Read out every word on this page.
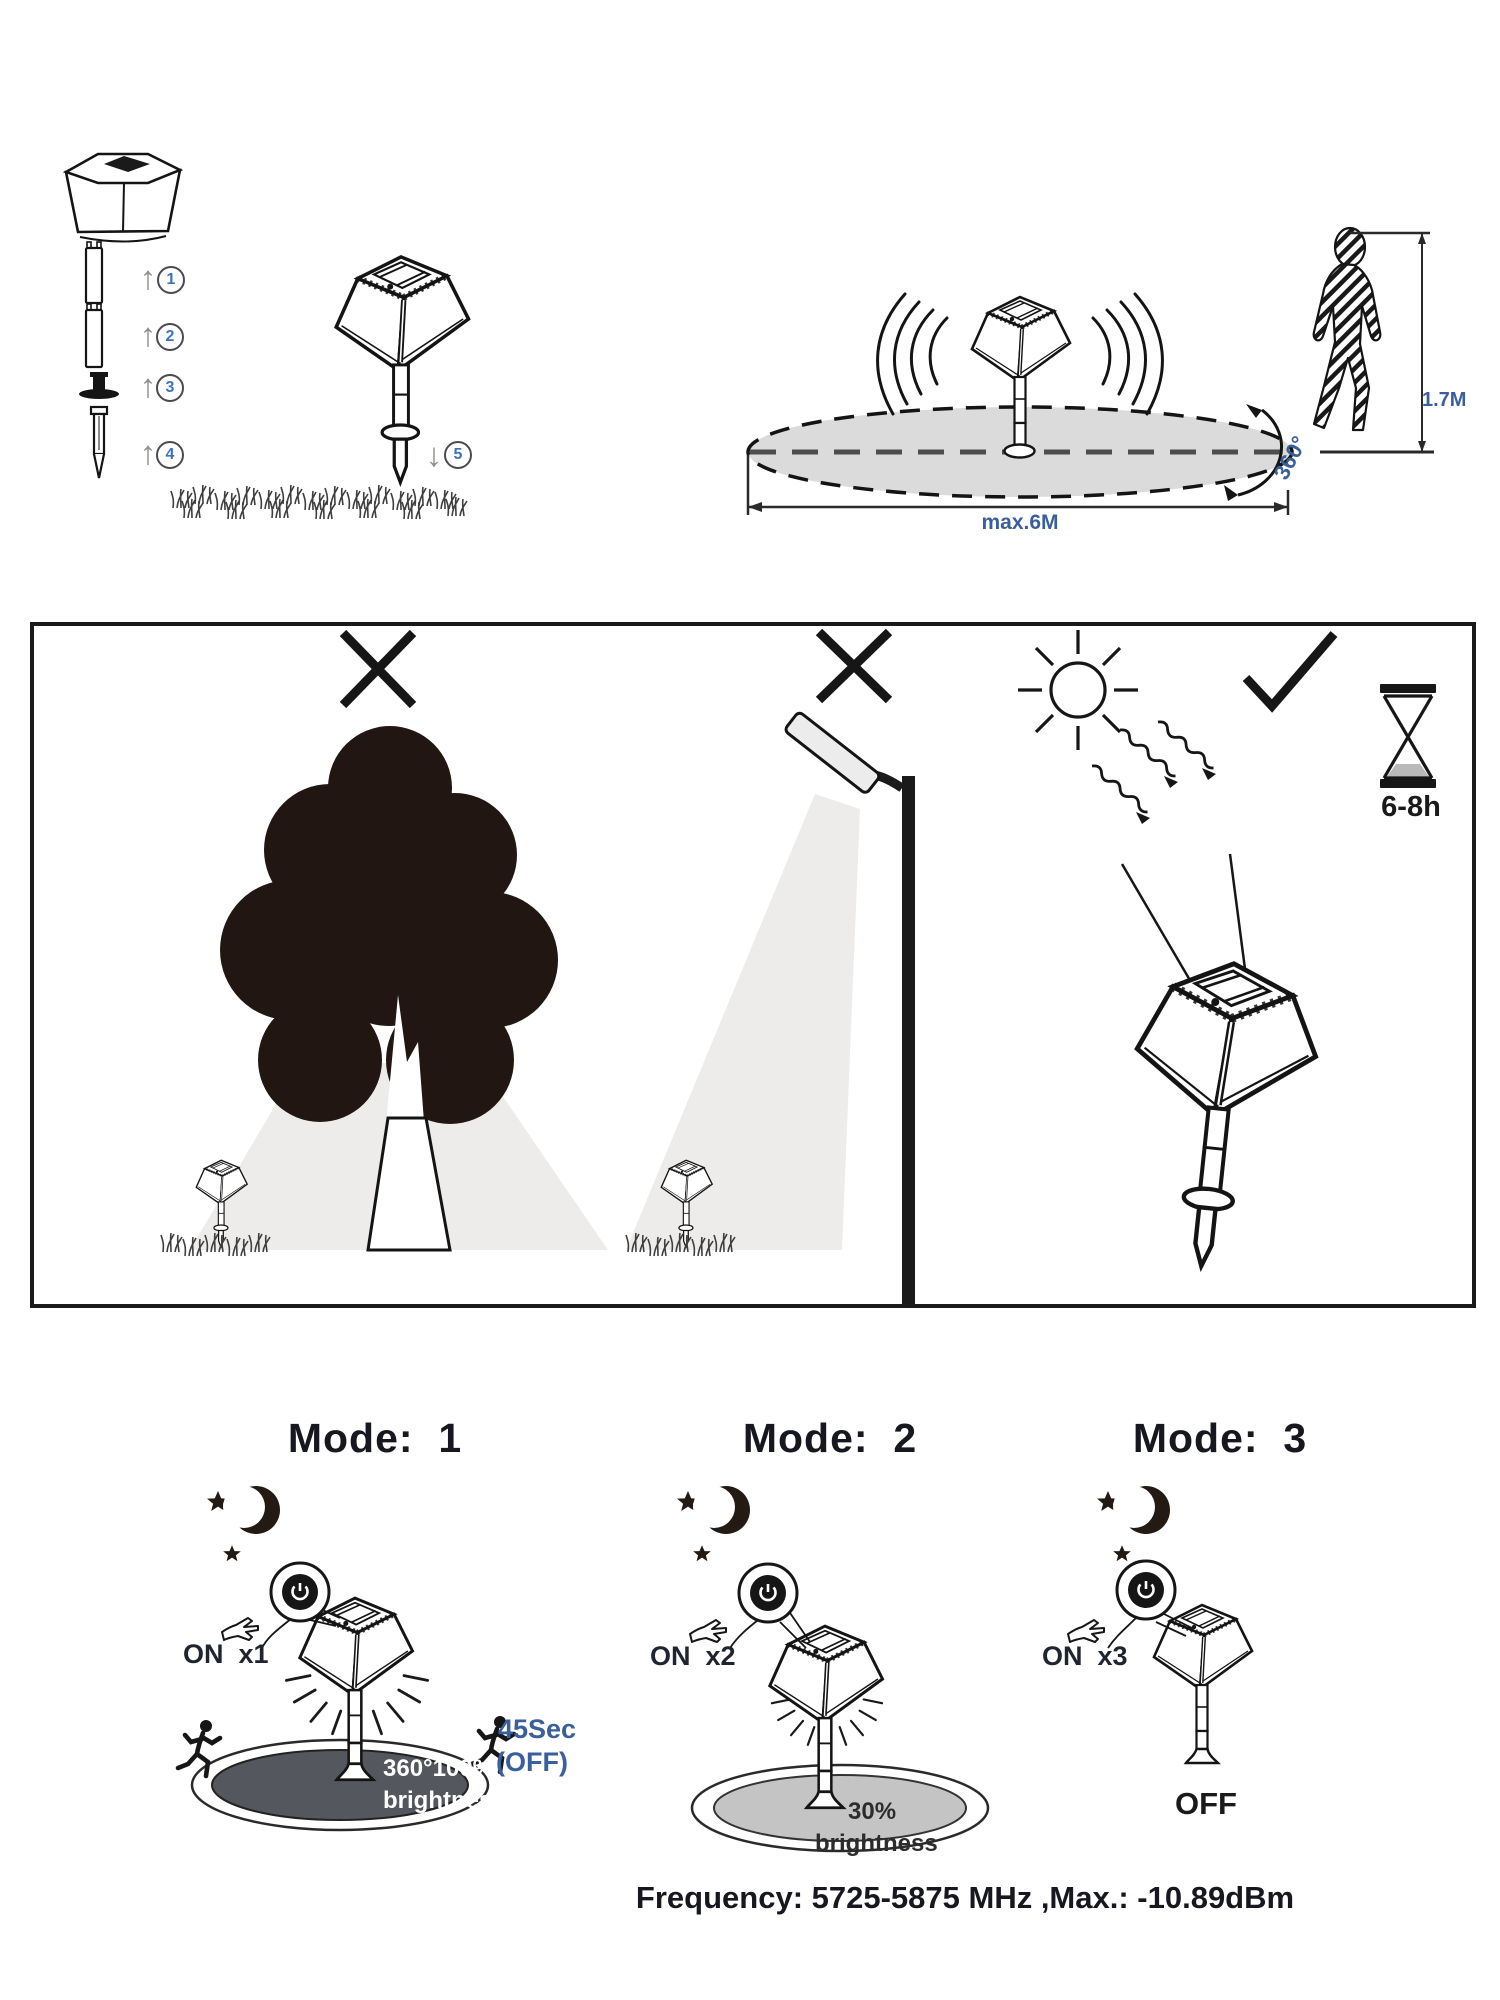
↑
↑
↑
↑	↓
1
2
3
4	5
1.7M
max.6M
360°
6-8h
Mode:  1	Mode:  2	Mode:  3
ON  x1	ON  x2	ON  x3
360°100%
brightness
45Sec
(OFF)
30%
brightness
OFF
Frequency: 5725-5875 MHz ,Max.: -10.89dBm
